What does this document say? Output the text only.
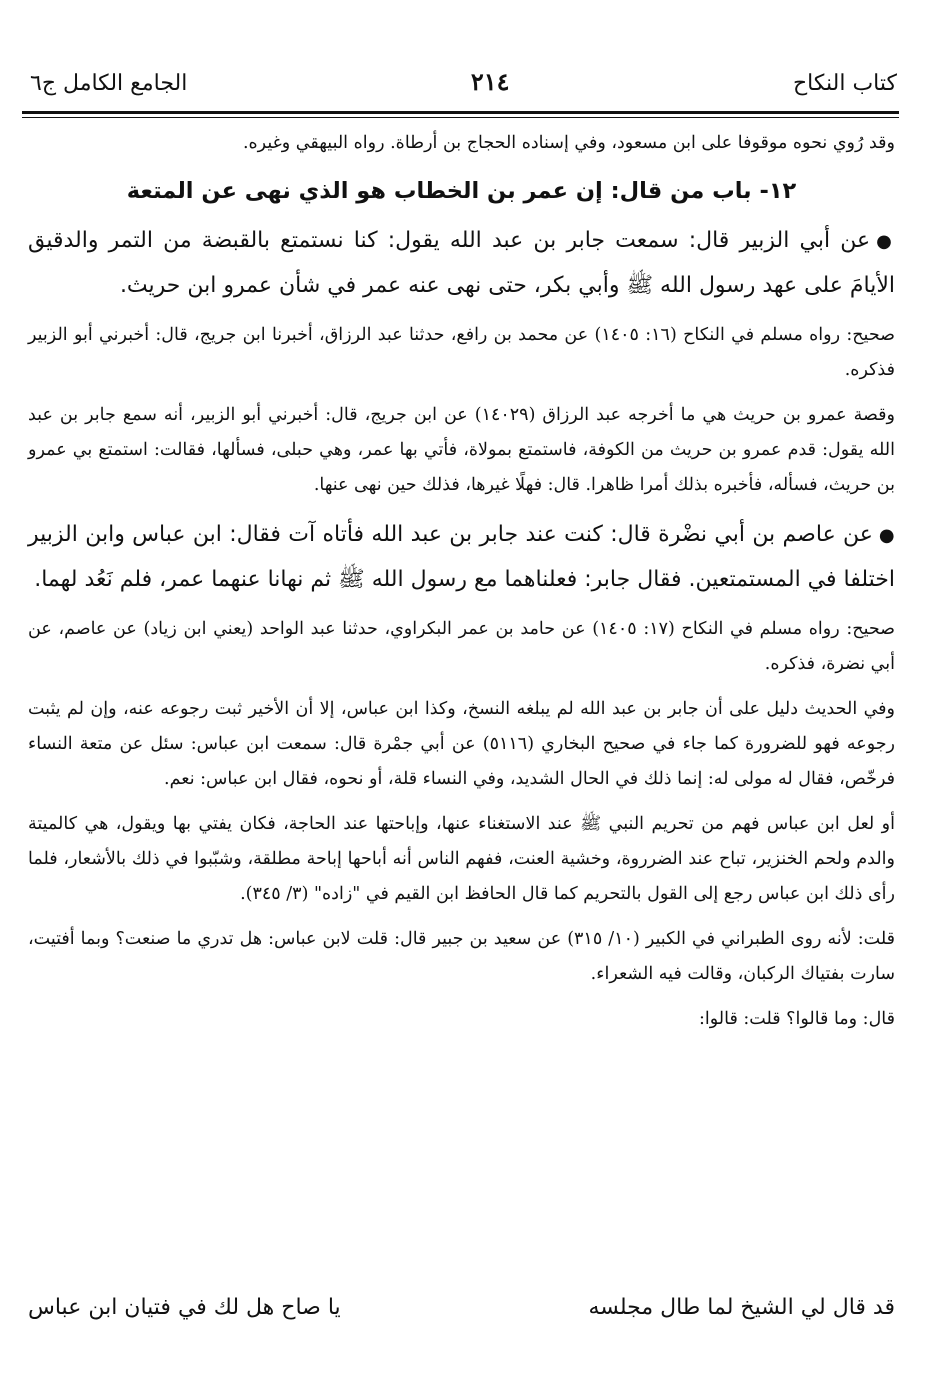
كتاب النكاح
٢١٤
الجامع الكامل ج٦

وقد رُوي نحوه موقوفا على ابن مسعود، وفي إسناده الحجاج بن أرطاة. رواه البيهقي وغيره.

١٢- باب من قال: إن عمر بن الخطاب هو الذي نهى عن المتعة

●عن أبي الزبير قال: سمعت جابر بن عبد الله يقول: كنا نستمتع بالقبضة من التمر والدقيق الأيامَ على عهد رسول الله ﷺ وأبي بكر، حتى نهى عنه عمر في شأن عمرو ابن حريث.

صحيح: رواه مسلم في النكاح (١٦: ١٤٠٥) عن محمد بن رافع، حدثنا عبد الرزاق، أخبرنا ابن جريج، قال: أخبرني أبو الزبير فذكره.

وقصة عمرو بن حريث هي ما أخرجه عبد الرزاق (١٤٠٢٩) عن ابن جريج، قال: أخبرني أبو الزبير، أنه سمع جابر بن عبد الله يقول: قدم عمرو بن حريث من الكوفة، فاستمتع بمولاة، فأتي بها عمر، وهي حبلى، فسألها، فقالت: استمتع بي عمرو بن حريث، فسأله، فأخبره بذلك أمرا ظاهرا. قال: فهلًا غيرها، فذلك حين نهى عنها.

●عن عاصم بن أبي نضْرة قال: كنت عند جابر بن عبد الله فأتاه آت فقال: ابن عباس وابن الزبير اختلفا في المستمتعين. فقال جابر: فعلناهما مع رسول الله ﷺ ثم نهانا عنهما عمر، فلم نَعُد لهما.

صحيح: رواه مسلم في النكاح (١٧: ١٤٠٥) عن حامد بن عمر البكراوي، حدثنا عبد الواحد (يعني ابن زياد) عن عاصم، عن أبي نضرة، فذكره.

وفي الحديث دليل على أن جابر بن عبد الله لم يبلغه النسخ، وكذا ابن عباس، إلا أن الأخير ثبت رجوعه عنه، وإن لم يثبت رجوعه فهو للضرورة كما جاء في صحيح البخاري (٥١١٦) عن أبي جمْرة قال: سمعت ابن عباس: سئل عن متعة النساء فرخّص، فقال له مولى له: إنما ذلك في الحال الشديد، وفي النساء قلة، أو نحوه، فقال ابن عباس: نعم.

أو لعل ابن عباس فهم من تحريم النبي ﷺ عند الاستغناء عنها، وإباحتها عند الحاجة، فكان يفتي بها ويقول، هي كالميتة والدم ولحم الخنزير، تباح عند الضرروة، وخشية العنت، ففهم الناس أنه أباحها إباحة مطلقة، وشبّبوا في ذلك بالأشعار، فلما رأى ذلك ابن عباس رجع إلى القول بالتحريم كما قال الحافظ ابن القيم في "زاده" (٣/ ٣٤٥).

قلت: لأنه روى الطبراني في الكبير (١٠/ ٣١٥) عن سعيد بن جبير قال: قلت لابن عباس: هل تدري ما صنعت؟ وبما أفتيت، سارت بفتياك الركبان، وقالت فيه الشعراء.

قال: وما قالوا؟ قلت: قالوا:

قد قال لي الشيخ لما طال مجلسه
يا صاح هل لك في فتيان ابن عباس
